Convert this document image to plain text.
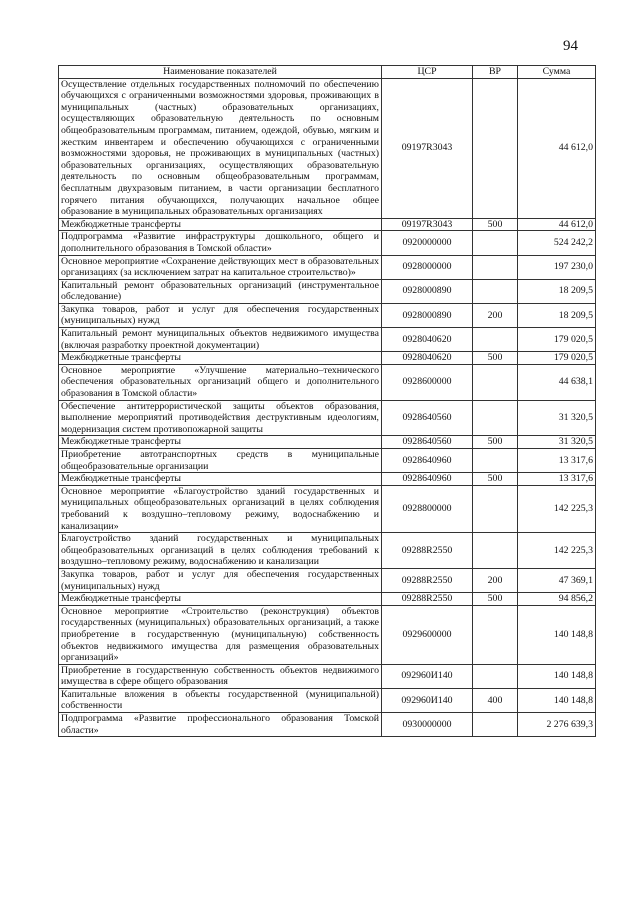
94
Наименование показателей	ЦСР	ВР	Сумма
Осуществление отдельных государственных полномочий по обеспечению обучающихся с ограниченными возможностями здоровья, проживающих в муниципальных (частных) образовательных организациях, осуществляющих образовательную деятельность по основным общеобразовательным программам, питанием, одеждой, обувью, мягким и жестким инвентарем и обеспечению обучающихся с ограниченными возможностями здоровья, не проживающих в муниципальных (частных) образовательных организациях, осуществляющих образовательную деятельность по основным общеобразовательным программам, бесплатным двухразовым питанием, в части организации бесплатного горячего питания обучающихся, получающих начальное общее образование в муниципальных образовательных организациях	09197R3043		44 612,0
Межбюджетные трансферты	09197R3043	500	44 612,0
Подпрограмма «Развитие инфраструктуры дошкольного, общего и дополнительного образования в Томской области»	0920000000		524 242,2
Основное мероприятие «Сохранение действующих мест в образовательных организациях (за исключением затрат на капитальное строительство)»	0928000000		197 230,0
Капитальный ремонт образовательных организаций (инструментальное обследование)	0928000890		18 209,5
Закупка товаров, работ и услуг для обеспечения государственных (муниципальных) нужд	0928000890	200	18 209,5
Капитальный ремонт муниципальных объектов недвижимого имущества (включая разработку проектной документации)	0928040620		179 020,5
Межбюджетные трансферты	0928040620	500	179 020,5
Основное мероприятие «Улучшение материально–технического обеспечения образовательных организаций общего и дополнительного образования в Томской области»	0928600000		44 638,1
Обеспечение антитеррористической защиты объектов образования, выполнение мероприятий противодействия деструктивным идеологиям, модернизация систем противопожарной защиты	0928640560		31 320,5
Межбюджетные трансферты	0928640560	500	31 320,5
Приобретение автотранспортных средств в муниципальные общеобразовательные организации	0928640960		13 317,6
Межбюджетные трансферты	0928640960	500	13 317,6
Основное мероприятие «Благоустройство зданий государственных и муниципальных общеобразовательных организаций в целях соблюдения требований к воздушно–тепловому режиму, водоснабжению и канализации»	0928800000		142 225,3
Благоустройство зданий государственных и муниципальных общеобразовательных организаций в целях соблюдения требований к воздушно–тепловому режиму, водоснабжению и канализации	09288R2550		142 225,3
Закупка товаров, работ и услуг для обеспечения государственных (муниципальных) нужд	09288R2550	200	47 369,1
Межбюджетные трансферты	09288R2550	500	94 856,2
Основное мероприятие «Строительство (реконструкция) объектов государственных (муниципальных) образовательных организаций, а также приобретение в государственную (муниципальную) собственность объектов недвижимого имущества для размещения образовательных организаций»	0929600000		140 148,8
Приобретение в государственную собственность объектов недвижимого имущества в сфере общего образования	092960И140		140 148,8
Капитальные вложения в объекты государственной (муниципальной) собственности	092960И140	400	140 148,8
Подпрограмма «Развитие профессионального образования Томской области»	0930000000		2 276 639,3
